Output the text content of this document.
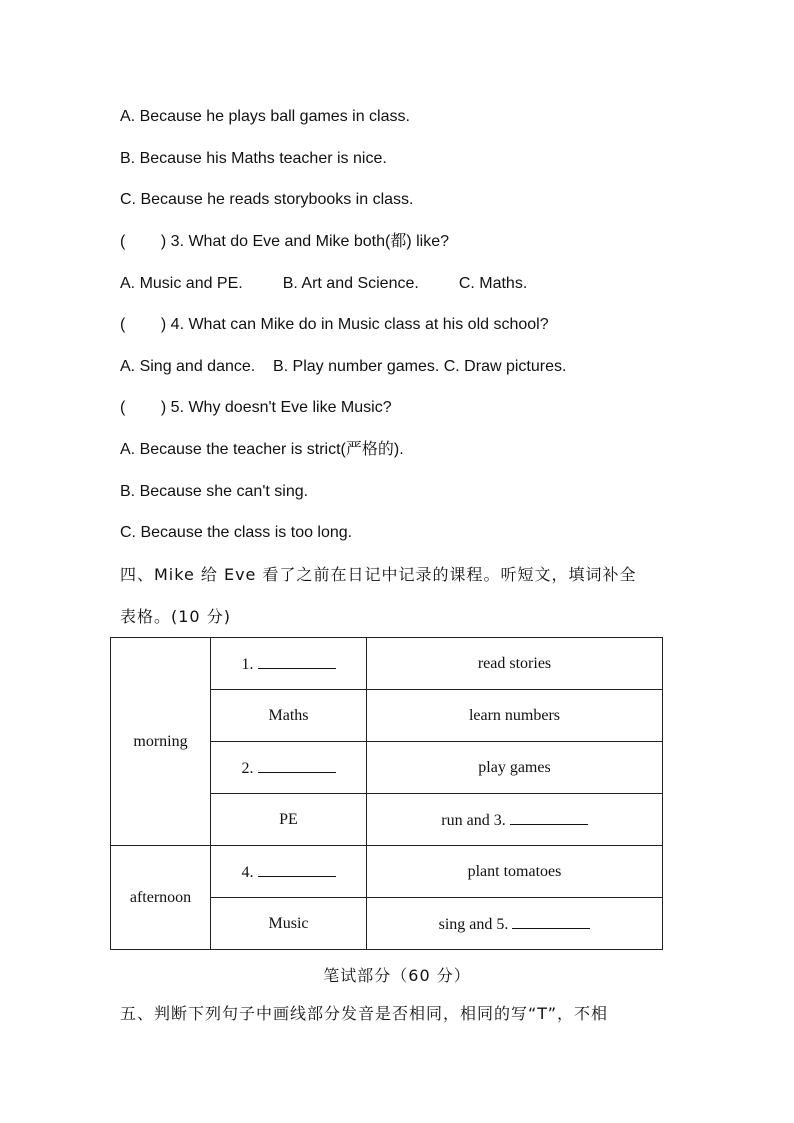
A. Because he plays ball games in class.
B. Because his Maths teacher is nice.
C. Because he reads storybooks in class.
(        ) 3. What do Eve and Mike both(都) like?
A. Music and PE.         B. Art and Science.         C. Maths.
(        ) 4. What can Mike do in Music class at his old school?
A. Sing and dance.    B. Play number games. C. Draw pictures.
(        ) 5. Why doesn't Eve like Music?
A. Because the teacher is strict(严格的).
B. Because she can't sing.
C. Because the class is too long.
四、Mike 给 Eve 看了之前在日记中记录的课程。听短文，填词补全
表格。(10 分)
morning	1.	read stories
	Maths	learn numbers
	2.	play games
	PE	run and 3.
afternoon	4.	plant tomatoes
	Music	sing and 5.
笔试部分（60 分）
五、判断下列句子中画线部分发音是否相同，相同的写“T”，不相
